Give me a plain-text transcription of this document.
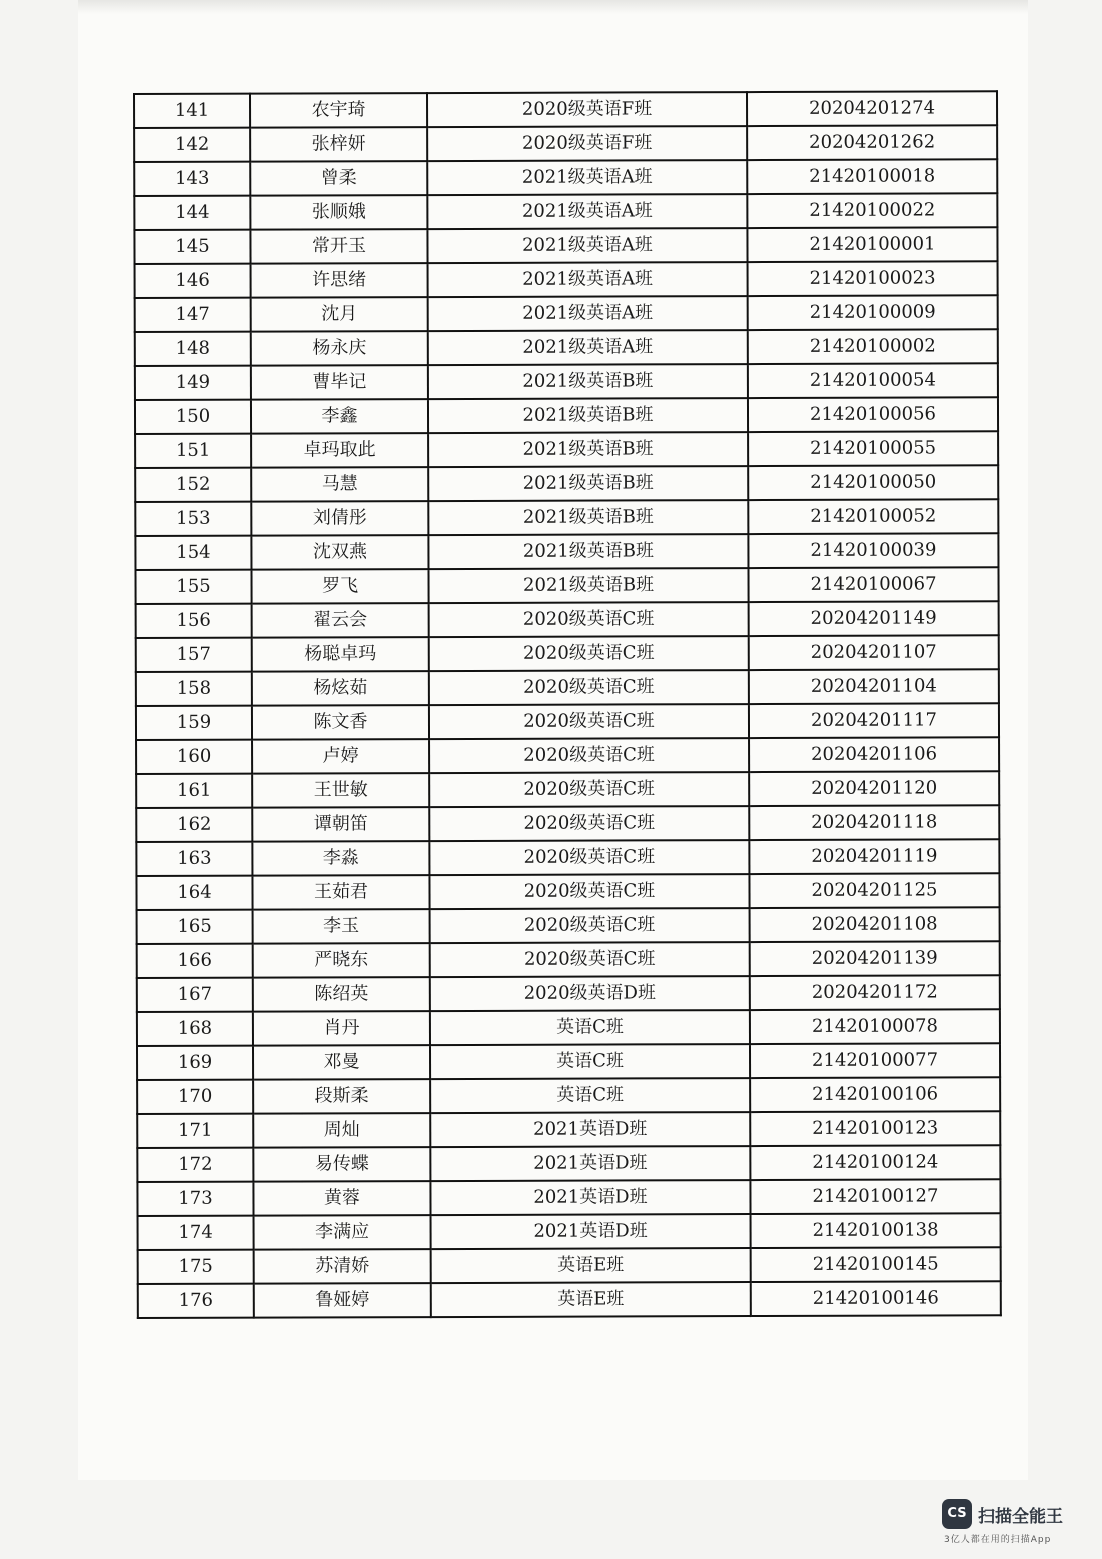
141	农宇琦	2020级英语F班	20204201274
142	张梓妍	2020级英语F班	20204201262
143	曾柔	2021级英语A班	21420100018
144	张顺娥	2021级英语A班	21420100022
145	常开玉	2021级英语A班	21420100001
146	许思绪	2021级英语A班	21420100023
147	沈月	2021级英语A班	21420100009
148	杨永庆	2021级英语A班	21420100002
149	曹毕记	2021级英语B班	21420100054
150	李鑫	2021级英语B班	21420100056
151	卓玛取此	2021级英语B班	21420100055
152	马慧	2021级英语B班	21420100050
153	刘倩彤	2021级英语B班	21420100052
154	沈双燕	2021级英语B班	21420100039
155	罗飞	2021级英语B班	21420100067
156	翟云会	2020级英语C班	20204201149
157	杨聪卓玛	2020级英语C班	20204201107
158	杨炫茹	2020级英语C班	20204201104
159	陈文香	2020级英语C班	20204201117
160	卢婷	2020级英语C班	20204201106
161	王世敏	2020级英语C班	20204201120
162	谭朝笛	2020级英语C班	20204201118
163	李淼	2020级英语C班	20204201119
164	王茹君	2020级英语C班	20204201125
165	李玉	2020级英语C班	20204201108
166	严晓东	2020级英语C班	20204201139
167	陈绍英	2020级英语D班	20204201172
168	肖丹	英语C班	21420100078
169	邓曼	英语C班	21420100077
170	段斯柔	英语C班	21420100106
171	周灿	2021英语D班	21420100123
172	易传蝶	2021英语D班	21420100124
173	黄蓉	2021英语D班	21420100127
174	李满应	2021英语D班	21420100138
175	苏清娇	英语E班	21420100145
176	鲁娅婷	英语E班	21420100146
CS 扫描全能王
3亿人都在用的扫描App
